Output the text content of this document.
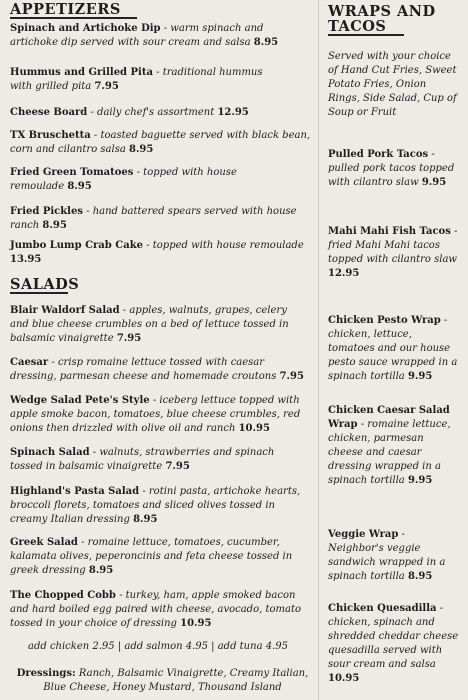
APPETIZERS

Spinach and Artichoke Dip - warm spinach and artichoke dip served with sour cream and salsa 8.95

Hummus and Grilled Pita - traditional hummus with grilled pita 7.95

Cheese Board - daily chef's assortment 12.95

TX Bruschetta - toasted baguette served with black bean, corn and cilantro salsa 8.95

Fried Green Tomatoes - topped with house remoulade 8.95

Fried Pickles - hand battered spears served with house ranch 8.95

Jumbo Lump Crab Cake - topped with house remoulade 13.95

SALADS

Blair Waldorf Salad - apples, walnuts, grapes, celery and blue cheese crumbles on a bed of lettuce tossed in balsamic vinaigrette 7.95

Caesar - crisp romaine lettuce tossed with caesar dressing, parmesan cheese and homemade croutons 7.95

Wedge Salad Pete's Style - iceberg lettuce topped with apple smoke bacon, tomatoes, blue cheese crumbles, red onions then drizzled with olive oil and ranch 10.95

Spinach Salad - walnuts, strawberries and spinach tossed in balsamic vinaigrette 7.95

Highland's Pasta Salad - rotini pasta, artichoke hearts, broccoli florets, tomatoes and sliced olives tossed in creamy Italian dressing 8.95

Greek Salad - romaine lettuce, tomatoes, cucumber, kalamata olives, peperoncinis and feta cheese tossed in greek dressing 8.95

The Chopped Cobb - turkey, ham, apple smoked bacon and hard boiled egg paired with cheese, avocado, tomato tossed in your choice of dressing 10.95

add chicken 2.95 | add salmon 4.95 | add tuna 4.95
Dressings: Ranch, Balsamic Vinaigrette, Creamy Italian, Blue Cheese, Honey Mustard, Thousand Island
WRAPS AND TACOS

Served with your choice of Hand Cut Fries, Sweet Potato Fries, Onion Rings, Side Salad, Cup of Soup or Fruit

Pulled Pork Tacos - pulled pork tacos topped with cilantro slaw 9.95

Mahi Mahi Fish Tacos - fried Mahi Mahi tacos topped with cilantro slaw 12.95

Chicken Pesto Wrap - chicken, lettuce, tomatoes and our house pesto sauce wrapped in a spinach tortilla 9.95

Chicken Caesar Salad Wrap - romaine lettuce, chicken, parmesan cheese and caesar dressing wrapped in a spinach tortilla 9.95

Veggie Wrap - Neighbor's veggie sandwich wrapped in a spinach tortilla 8.95

Chicken Quesadilla - chicken, spinach and shredded cheddar cheese quesadilla served with sour cream and salsa 10.95
